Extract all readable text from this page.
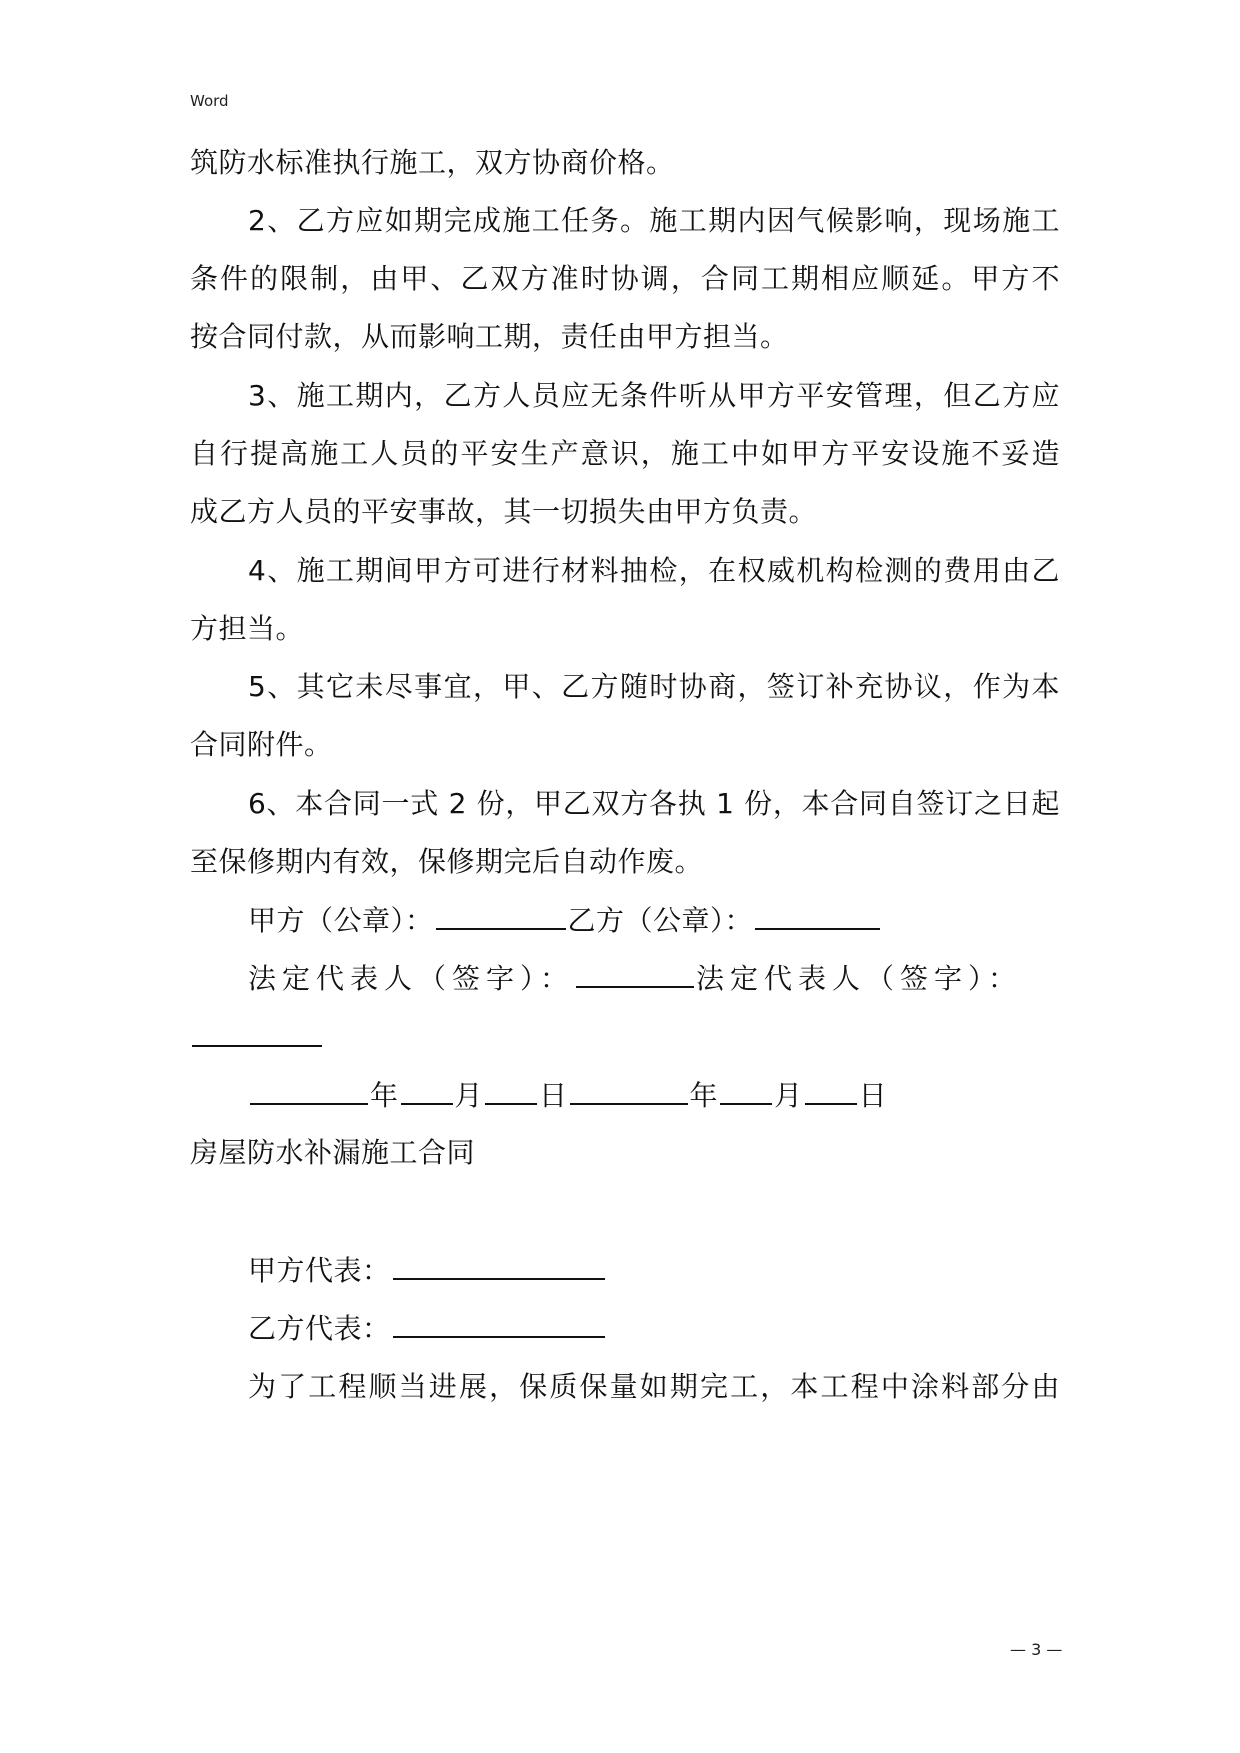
Word
筑防水标准执行施工，双方协商价格。
2、乙方应如期完成施工任务。施工期内因气候影响，现场施工
条件的限制，由甲、乙双方准时协调，合同工期相应顺延。甲方不
按合同付款，从而影响工期，责任由甲方担当。
3、施工期内，乙方人员应无条件听从甲方平安管理，但乙方应
自行提高施工人员的平安生产意识，施工中如甲方平安设施不妥造
成乙方人员的平安事故，其一切损失由甲方负责。
4、施工期间甲方可进行材料抽检，在权威机构检测的费用由乙
方担当。
5、其它未尽事宜，甲、乙方随时协商，签订补充协议，作为本
合同附件。
6、本合同一式 2 份，甲乙双方各执 1 份，本合同自签订之日起
至保修期内有效，保修期完后自动作废。
甲方（公章）：	乙方（公章）：
法定代表人（签字）：	法定代表人（签字）：
年 月 日	年 月 日
房屋防水补漏施工合同
甲方代表：
乙方代表：
为了工程顺当进展，保质保量如期完工，本工程中涂料部分由
— 3 —
